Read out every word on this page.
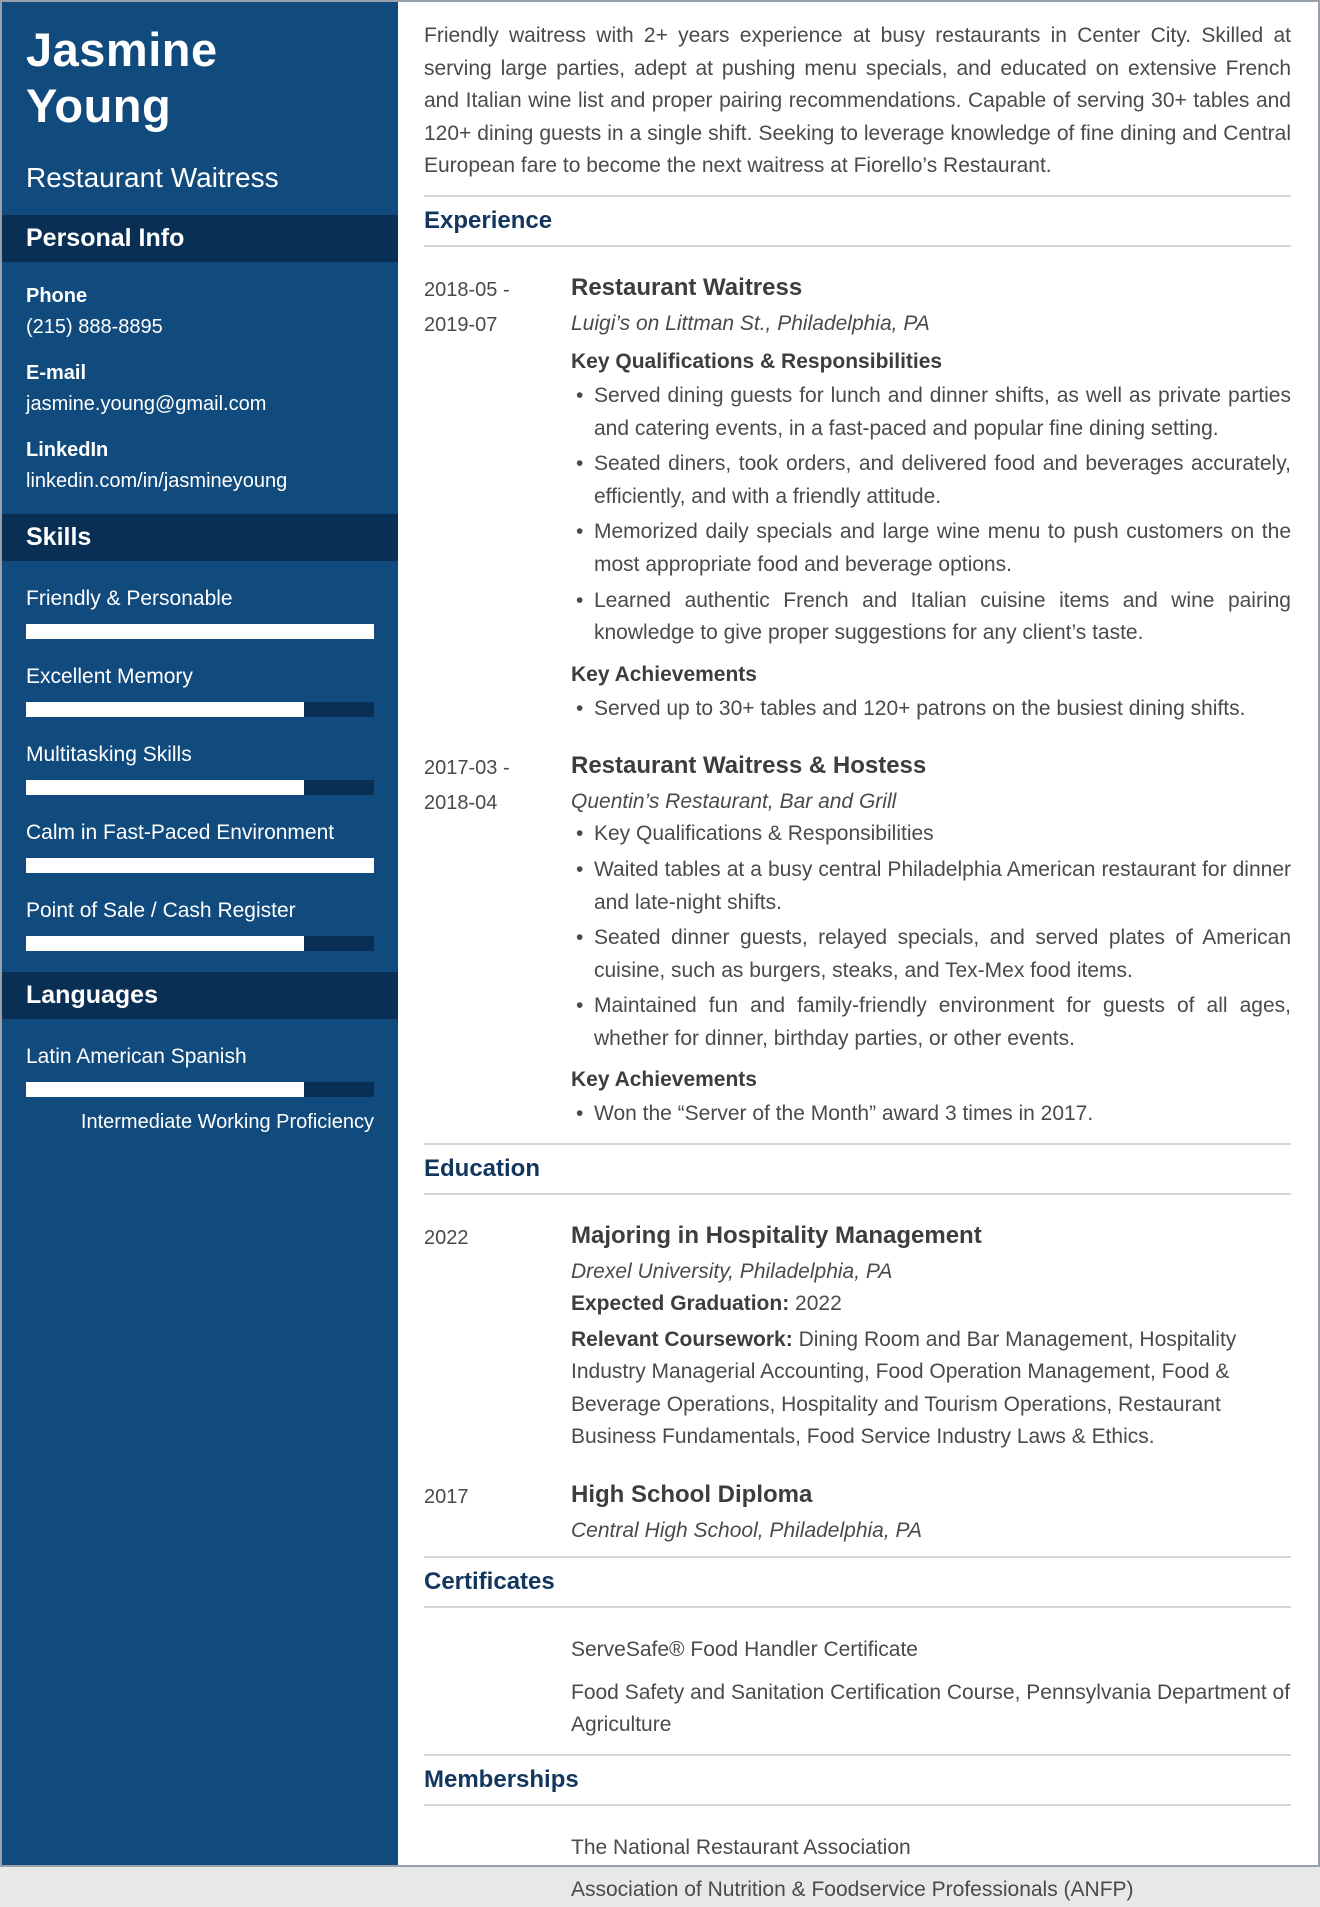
Jasmine
Young
Restaurant Waitress
Personal Info
Phone
(215) 888-8895
E-mail
jasmine.young@gmail.com
LinkedIn
linkedin.com/in/jasmineyoung
Skills
Friendly & Personable
Excellent Memory
Multitasking Skills
Calm in Fast-Paced Environment
Point of Sale / Cash Register
Languages
Latin American Spanish
Intermediate Working Proficiency

Friendly waitress with 2+ years experience at busy restaurants in Center City. Skilled at serving large parties, adept at pushing menu specials, and educated on extensive French and Italian wine list and proper pairing recommendations. Capable of serving 30+ tables and 120+ dining guests in a single shift. Seeking to leverage knowledge of fine dining and Central European fare to become the next waitress at Fiorello’s Restaurant.

Experience
2018-05 -
2019-07
Restaurant Waitress
Luigi’s on Littman St., Philadelphia, PA
Key Qualifications & Responsibilities
• Served dining guests for lunch and dinner shifts, as well as private parties and catering events, in a fast-paced and popular fine dining setting.
• Seated diners, took orders, and delivered food and beverages accurately, efficiently, and with a friendly attitude.
• Memorized daily specials and large wine menu to push customers on the most appropriate food and beverage options.
• Learned authentic French and Italian cuisine items and wine pairing knowledge to give proper suggestions for any client’s taste.
Key Achievements
• Served up to 30+ tables and 120+ patrons on the busiest dining shifts.
2017-03 -
2018-04
Restaurant Waitress & Hostess
Quentin’s Restaurant, Bar and Grill
• Key Qualifications & Responsibilities
• Waited tables at a busy central Philadelphia American restaurant for dinner and late-night shifts.
• Seated dinner guests, relayed specials, and served plates of American cuisine, such as burgers, steaks, and Tex-Mex food items.
• Maintained fun and family-friendly environment for guests of all ages, whether for dinner, birthday parties, or other events.
Key Achievements
• Won the “Server of the Month” award 3 times in 2017.
Education
2022	Majoring in Hospitality Management
Drexel University, Philadelphia, PA
Expected Graduation: 2022
Relevant Coursework: Dining Room and Bar Management, Hospitality Industry Managerial Accounting, Food Operation Management, Food & Beverage Operations, Hospitality and Tourism Operations, Restaurant Business Fundamentals, Food Service Industry Laws & Ethics.
2017	High School Diploma
Central High School, Philadelphia, PA
Certificates
ServeSafe® Food Handler Certificate
Food Safety and Sanitation Certification Course, Pennsylvania Department of Agriculture
Memberships
The National Restaurant Association
Association of Nutrition & Foodservice Professionals (ANFP)
